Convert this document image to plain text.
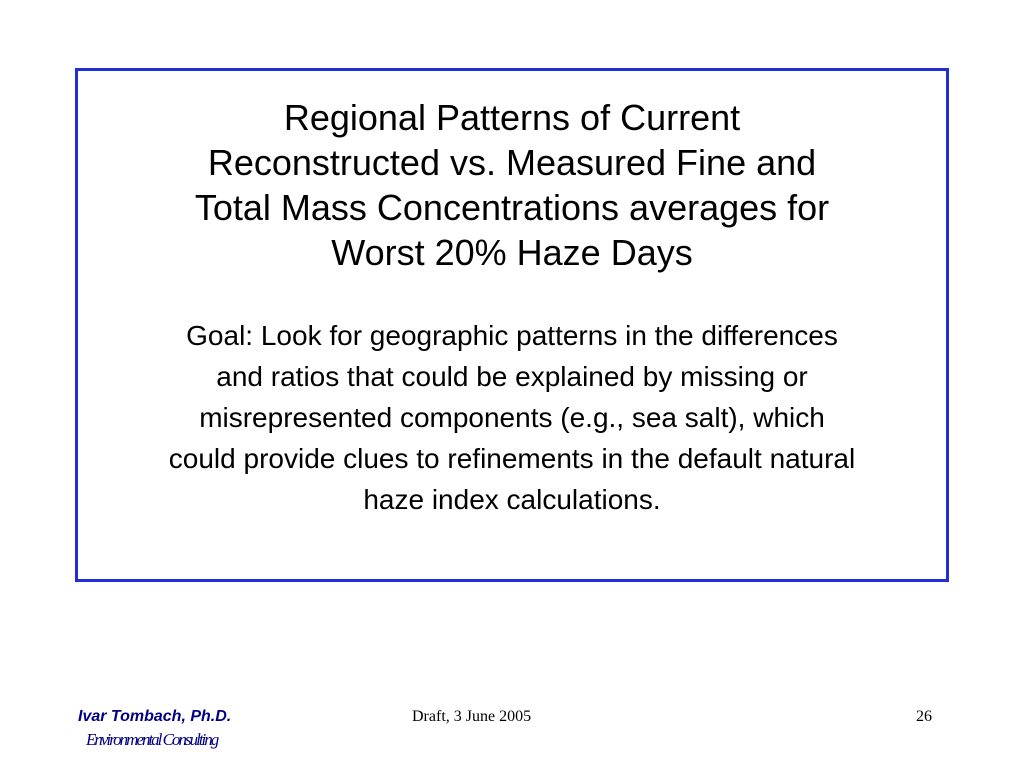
Regional Patterns of Current
Reconstructed vs. Measured Fine and
Total Mass Concentrations averages for
Worst 20% Haze Days
Goal: Look for geographic patterns in the differences
and ratios that could be explained by missing or
misrepresented components (e.g., sea salt), which
could provide clues to refinements in the default natural
haze index calculations.
Ivar Tombach, Ph.D.
Environmental Consulting
Draft, 3 June 2005	26
